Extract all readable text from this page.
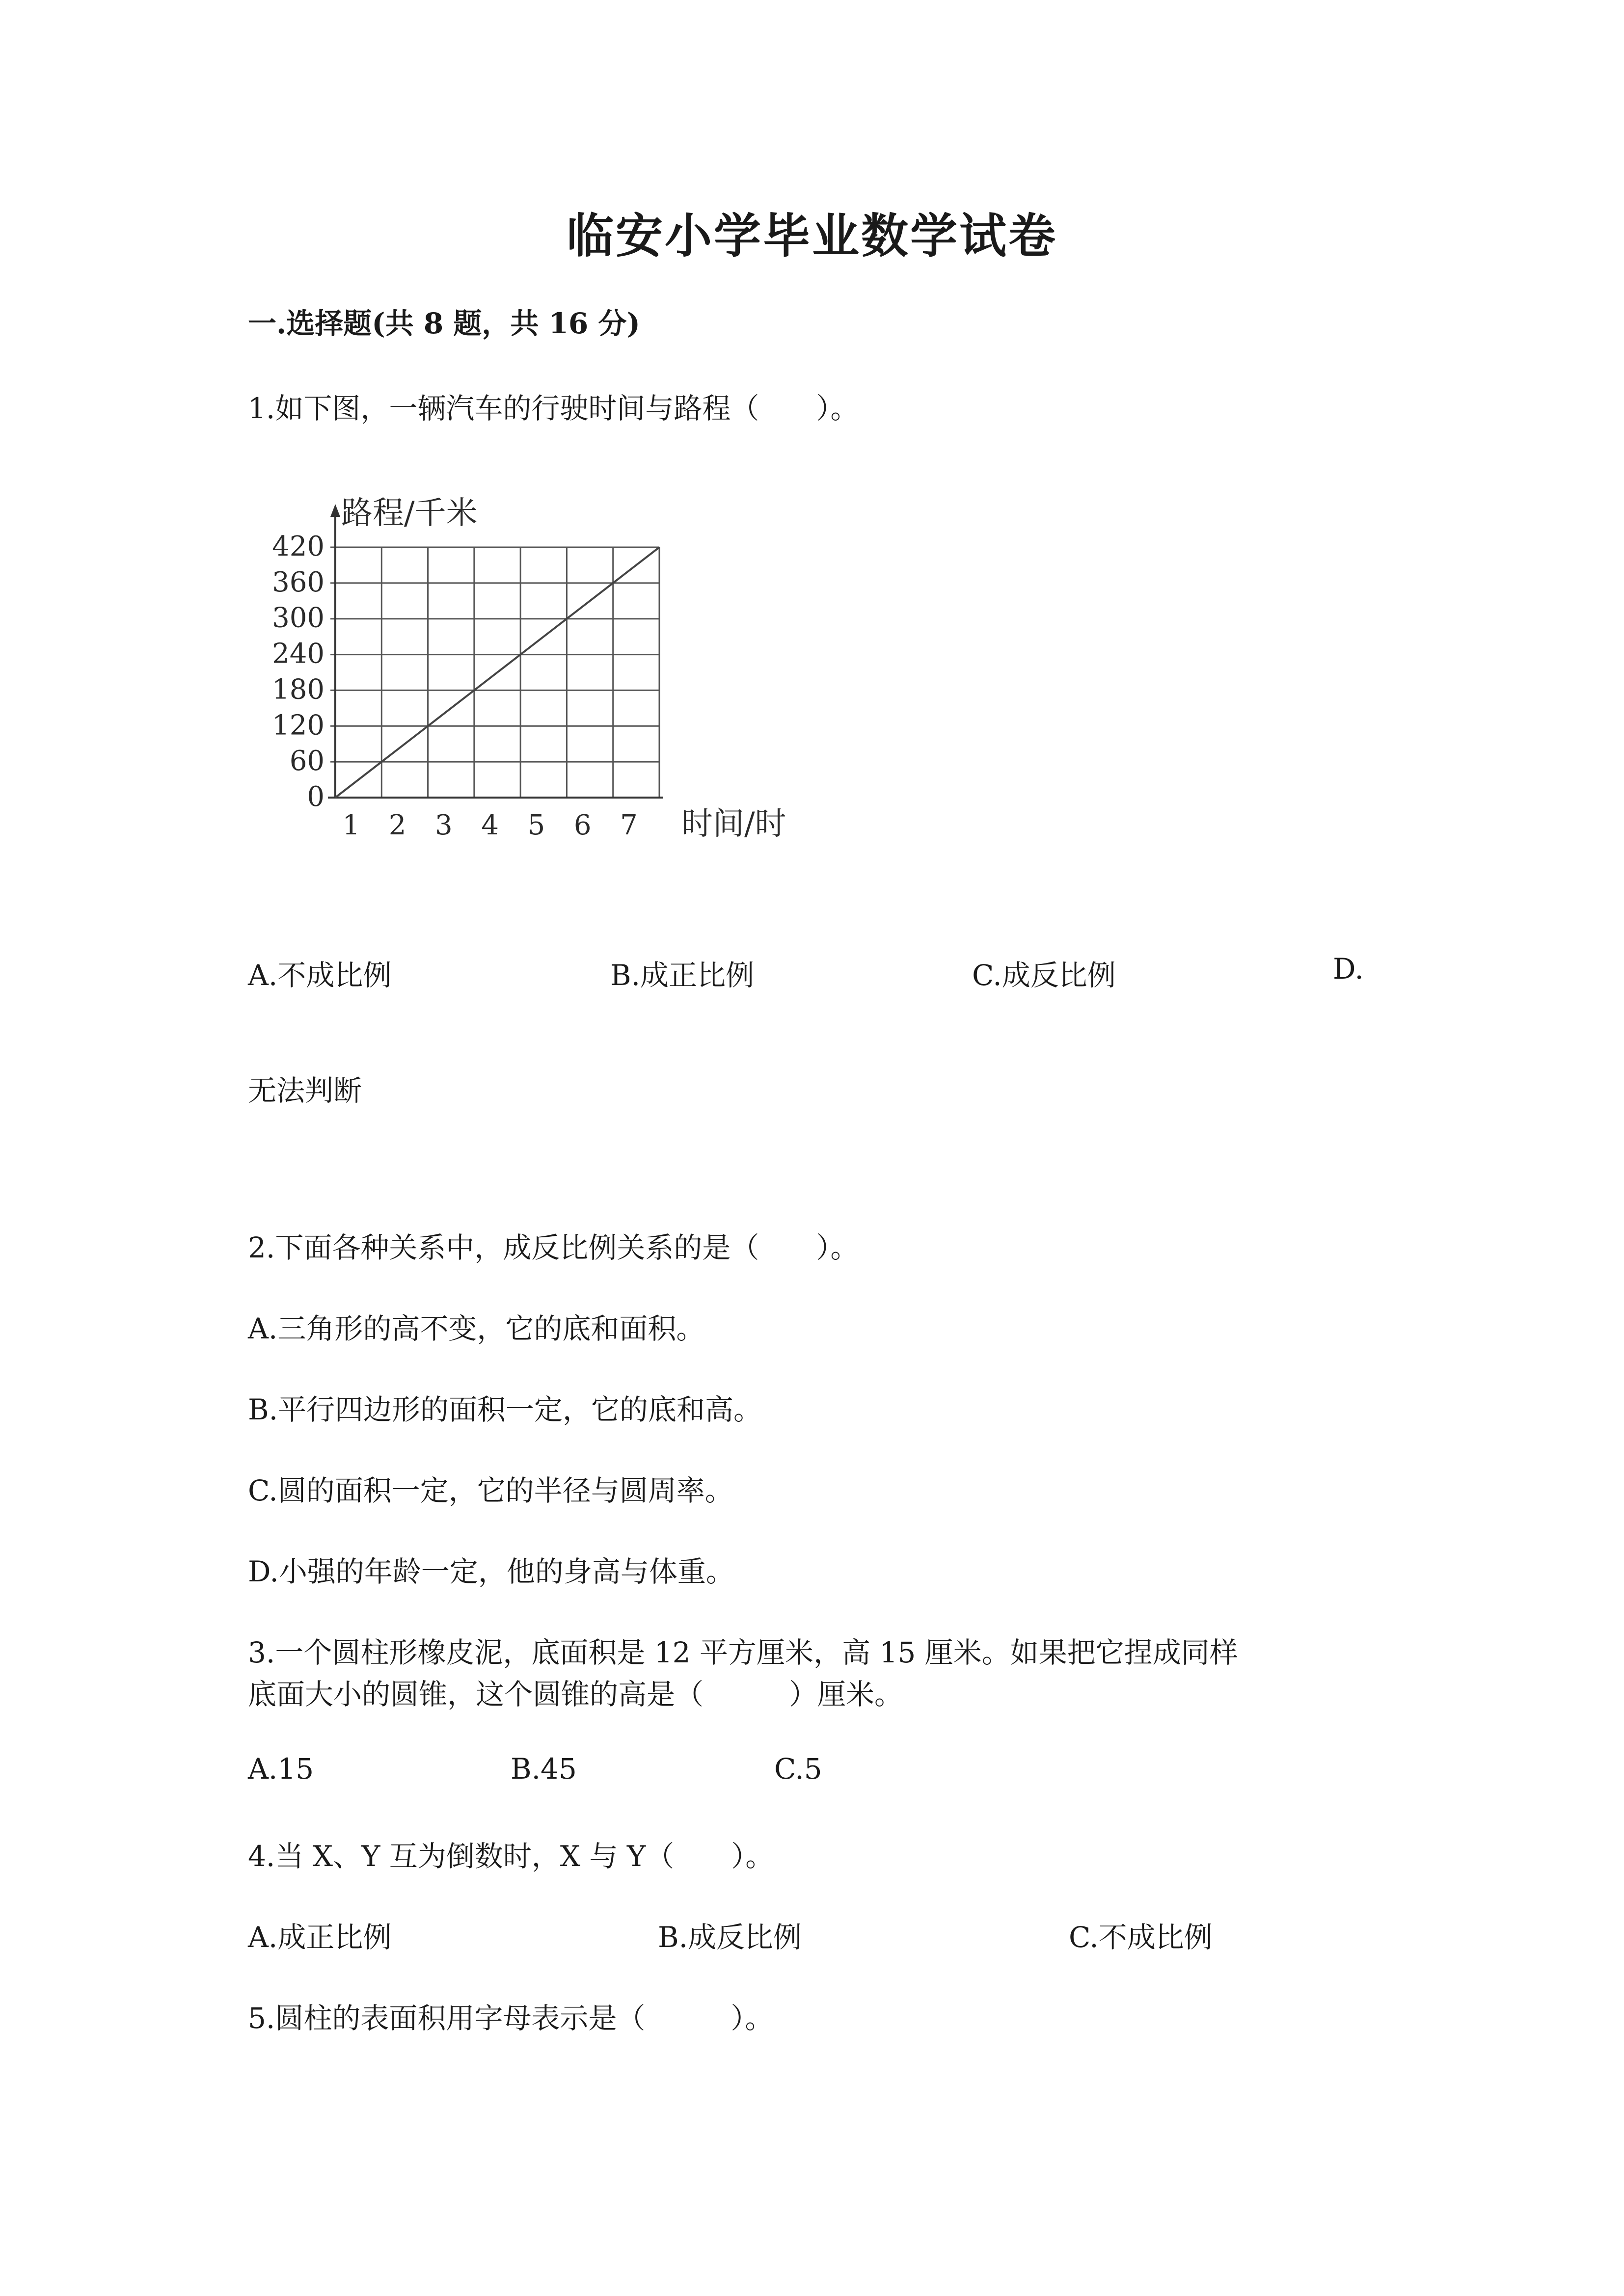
临安小学毕业数学试卷
一.选择题(共 8 题，共 16 分)
1.如下图，一辆汽车的行驶时间与路程（　　）。
0
60
120
180
240
300
360
420
1 2 3 4 5 6 7
路程/千米
时间/时
A.不成比例	B.成正比例	C.成反比例	D.
无法判断
2.下面各种关系中，成反比例关系的是（　　）。
A.三角形的高不变，它的底和面积。
B.平行四边形的面积一定，它的底和高。
C.圆的面积一定，它的半径与圆周率。
D.小强的年龄一定，他的身高与体重。
3.一个圆柱形橡皮泥，底面积是 12 平方厘米，高 15 厘米。如果把它捏成同样
底面大小的圆锥，这个圆锥的高是（　　　）厘米。
A.15	B.45	C.5
4.当 X、Y 互为倒数时，X 与 Y（　　）。
A.成正比例	B.成反比例	C.不成比例
5.圆柱的表面积用字母表示是（　　　）。
